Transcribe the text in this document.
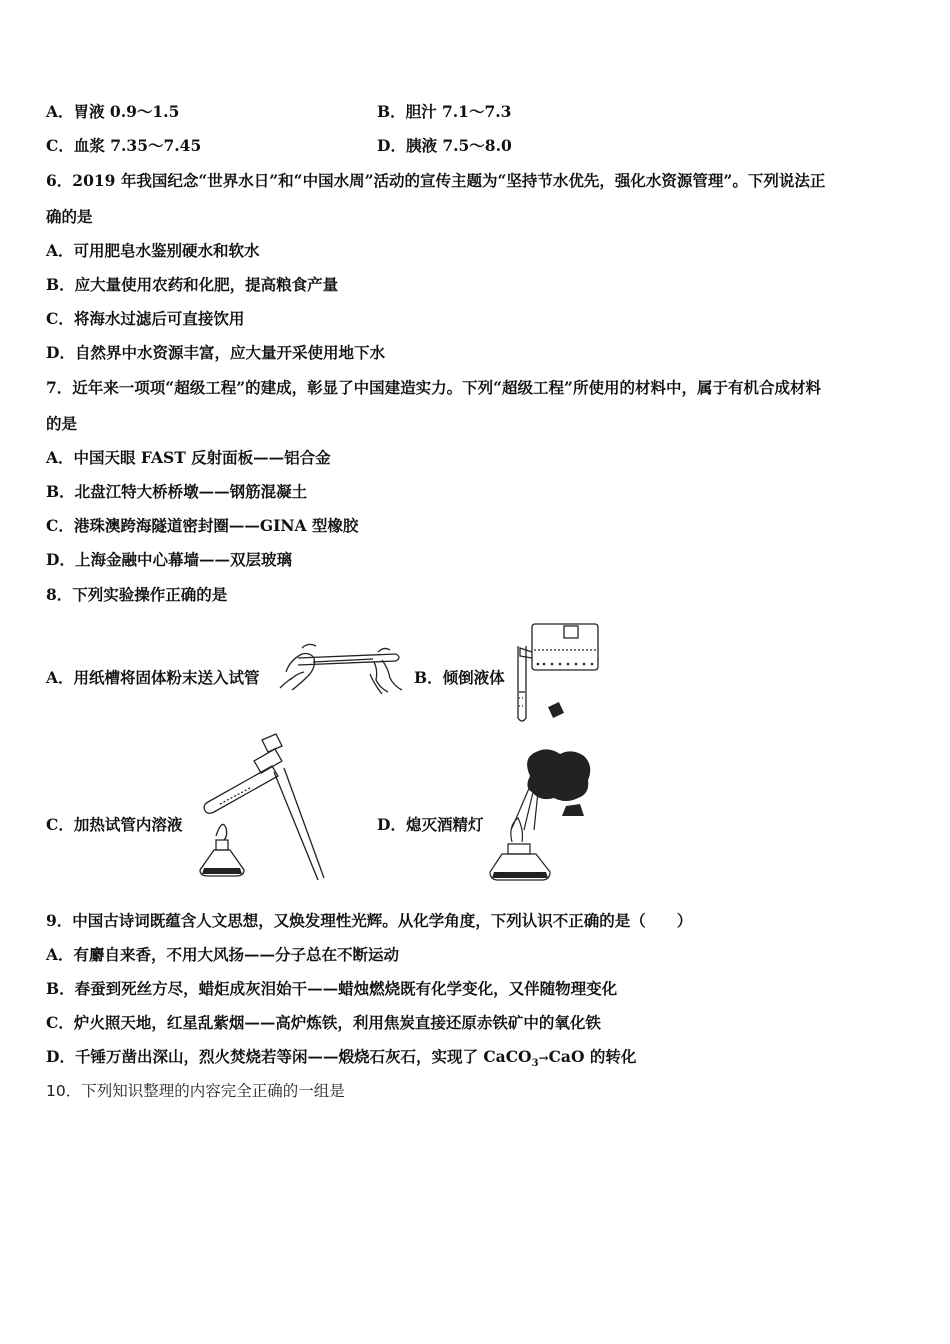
A．胃液 0.9～1.5	B．胆汁 7.1～7.3
C．血浆 7.35～7.45	D．胰液 7.5～8.0
6．2019 年我国纪念“世界水日”和“中国水周”活动的宣传主题为“坚持节水优先，强化水资源管理”。下列说法正
确的是
A．可用肥皂水鉴别硬水和软水
B．应大量使用农药和化肥，提高粮食产量
C．将海水过滤后可直接饮用
D．自然界中水资源丰富，应大量开采使用地下水
7．近年来一项项“超级工程”的建成，彰显了中国建造实力。下列“超级工程”所使用的材料中，属于有机合成材料
的是
A．中国天眼 FAST 反射面板——铝合金
B．北盘江特大桥桥墩——钢筋混凝土
C．港珠澳跨海隧道密封圈——GINA 型橡胶
D．上海金融中心幕墙——双层玻璃
8．下列实验操作正确的是
A．用纸槽将固体粉末送入试管	B．倾倒液体
C．加热试管内溶液	D．熄灭酒精灯
9．中国古诗词既蕴含人文思想，又焕发理性光辉。从化学角度，下列认识不正确的是（　　）
A．有麝自来香，不用大风扬——分子总在不断运动
B．春蚕到死丝方尽，蜡炬成灰泪始干——蜡烛燃烧既有化学变化，又伴随物理变化
C．炉火照天地，红星乱紫烟——高炉炼铁，利用焦炭直接还原赤铁矿中的氧化铁
D．千锤万凿出深山，烈火焚烧若等闲——煅烧石灰石，实现了 CaCO$_3$→CaO 的转化
10．下列知识整理的内容完全正确的一组是
